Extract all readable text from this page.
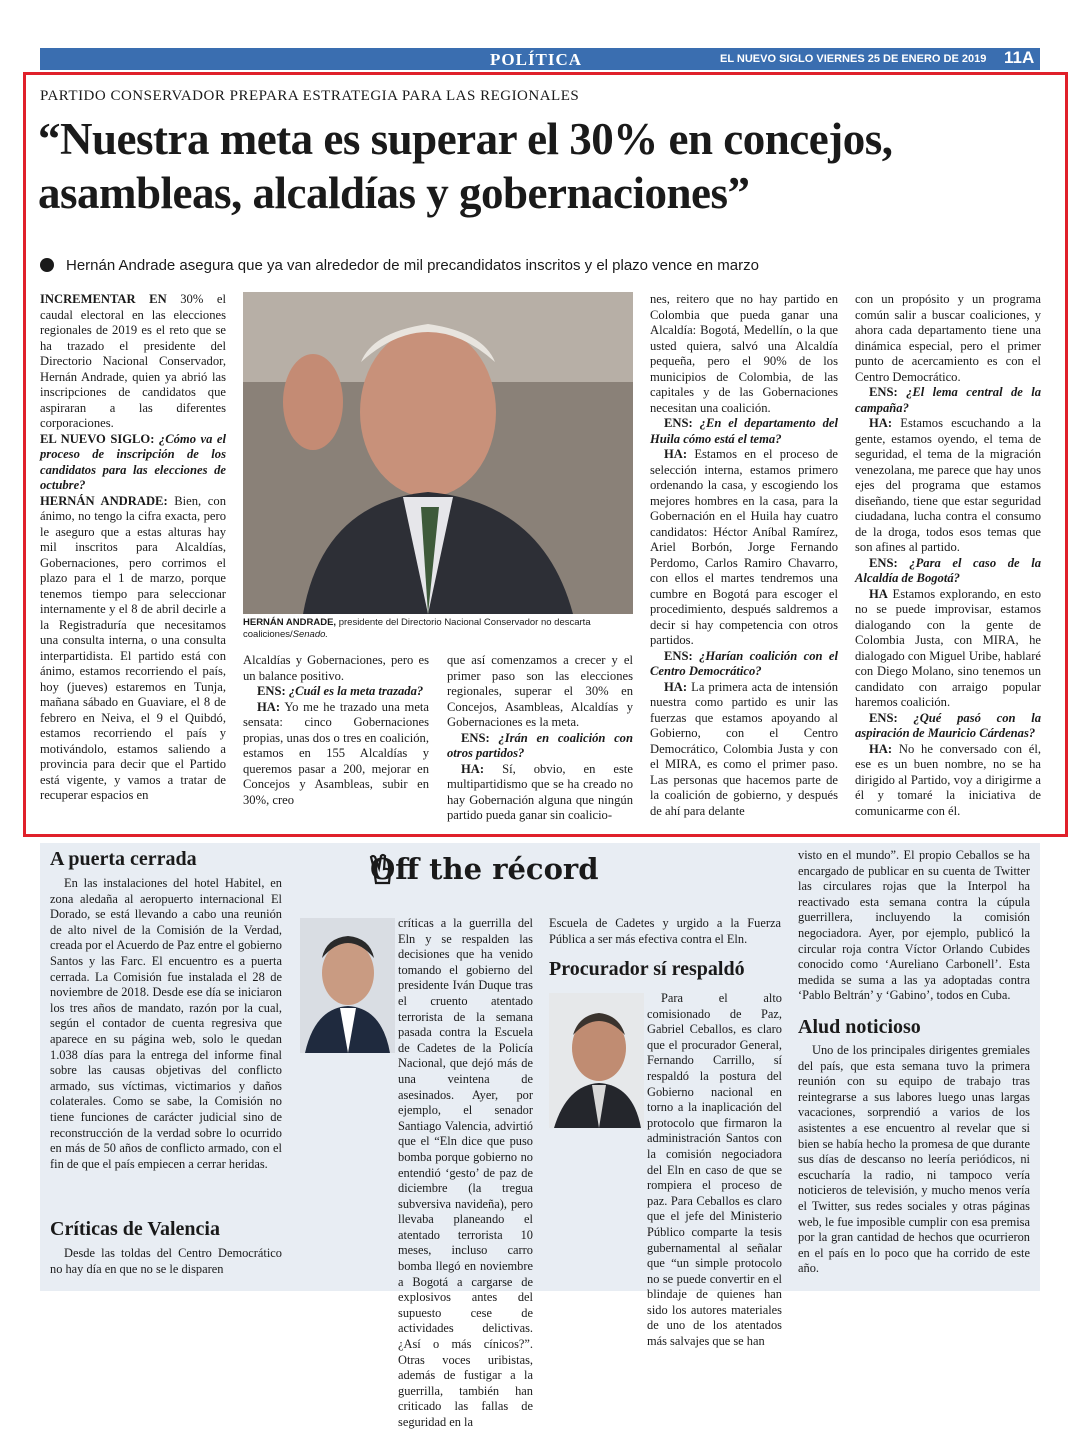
POLÍTICA	EL NUEVO SIGLO VIERNES 25 DE ENERO DE 2019 11A
PARTIDO CONSERVADOR PREPARA ESTRATEGIA PARA LAS REGIONALES
“Nuestra meta es superar el 30% en concejos, asambleas, alcaldías y gobernaciones”
Hernán Andrade asegura que ya van alrededor de mil precandidatos inscritos y el plazo vence en marzo

INCREMENTAR EN 30% el caudal electoral en las elecciones regionales de 2019 es el reto que se ha trazado el presidente del Directorio Nacional Conservador, Hernán Andrade, quien ya abrió las inscripciones de candidatos que aspiraran a las diferentes corporaciones.

EL NUEVO SIGLO: ¿Cómo va el proceso de inscripción de los candidatos para las elecciones de octubre?

HERNÁN ANDRADE: Bien, con ánimo, no tengo la cifra exacta, pero le aseguro que a estas alturas hay mil inscritos para Alcaldías, Gobernaciones, pero corrimos el plazo para el 1 de marzo, porque tenemos tiempo para seleccionar internamente y el 8 de abril decirle a la Registraduría que necesitamos una consulta interna, o una consulta interpartidista. El partido está con ánimo, estamos recorriendo el país, hoy (jueves) estaremos en Tunja, mañana sábado en Guaviare, el 8 de febrero en Neiva, el 9 el Quibdó, estamos recorriendo el país y motivándolo, estamos saliendo a provincia para decir que el Partido está vigente, y vamos a tratar de recuperar espacios en

HERNÁN ANDRADE, presidente del Directorio Nacional Conservador no descarta coaliciones/Senado.

Alcaldías y Gobernaciones, pero es un balance positivo.

ENS: ¿Cuál es la meta trazada?

HA: Yo me he trazado una meta sensata: cinco Gobernaciones propias, unas dos o tres en coalición, estamos en 155 Alcaldías y queremos pasar a 200, mejorar en Concejos y Asambleas, subir en 30%, creo

que así comenzamos a crecer y el primer paso son las elecciones regionales, superar el 30% en Concejos, Asambleas, Alcaldías y Gobernaciones es la meta.

ENS: ¿Irán en coalición con otros partidos?

HA: Sí, obvio, en este multipartidismo que se ha creado no hay Gobernación alguna que ningún partido pueda ganar sin coalicio-

nes, reitero que no hay partido en Colombia que pueda ganar una Alcaldía: Bogotá, Medellín, o la que usted quiera, salvó una Alcaldía pequeña, pero el 90% de los municipios de Colombia, de las capitales y de las Gobernaciones necesitan una coalición.

ENS: ¿En el departamento del Huila cómo está el tema?

HA: Estamos en el proceso de selección interna, estamos primero ordenando la casa, y escogiendo los mejores hombres en la casa, para la Gobernación en el Huila hay cuatro candidatos: Héctor Aníbal Ramírez, Ariel Borbón, Jorge Fernando Perdomo, Carlos Ramiro Chavarro, con ellos el martes tendremos una cumbre en Bogotá para escoger el procedimiento, después saldremos a decir si hay competencia con otros partidos.

ENS: ¿Harían coalición con el Centro Democrático?

HA: La primera acta de intensión nuestra como partido es unir las fuerzas que estamos apoyando al Gobierno, con el Centro Democrático, Colombia Justa y con el MIRA, es como el primer paso. Las personas que hacemos parte de la coalición de gobierno, y después de ahí para delante

con un propósito y un programa común salir a buscar coaliciones, y ahora cada departamento tiene una dinámica especial, pero el primer punto de acercamiento es con el Centro Democrático.

ENS: ¿El lema central de la campaña?

HA: Estamos escuchando a la gente, estamos oyendo, el tema de seguridad, el tema de la migración venezolana, me parece que hay unos ejes del programa que estamos diseñando, tiene que estar seguridad ciudadana, lucha contra el consumo de la droga, todos esos temas que son afines al partido.

ENS: ¿Para el caso de la Alcaldía de Bogotá?

HA Estamos explorando, en esto no se puede improvisar, estamos dialogando con la gente de Colombia Justa, con MIRA, he dialogado con Miguel Uribe, hablaré con Diego Molano, sino tenemos un candidato con arraigo popular haremos coalición.

ENS: ¿Qué pasó con la aspiración de Mauricio Cárdenas?

HA: No he conversado con él, ese es un buen nombre, no se ha dirigido al Partido, voy a dirigirme a él y tomaré la iniciativa de comunicarme con él.

A puerta cerrada

En las instalaciones del hotel Habitel, en zona aledaña al aeropuerto internacional El Dorado, se está llevando a cabo una reunión de alto nivel de la Comisión de la Verdad, creada por el Acuerdo de Paz entre el gobierno Santos y las Farc. El encuentro es a puerta cerrada. La Comisión fue instalada el 28 de noviembre de 2018. Desde ese día se iniciaron los tres años de mandato, razón por la cual, según el contador de cuenta regresiva que aparece en su página web, solo le quedan 1.038 días para la entrega del informe final sobre las causas objetivas del conflicto armado, sus víctimas, victimarios y daños colaterales. Como se sabe, la Comisión no tiene funciones de carácter judicial sino de reconstrucción de la verdad sobre lo ocurrido en más de 50 años de conflicto armado, con el fin de que el país empiecen a cerrar heridas.

Críticas de Valencia

Desde las toldas del Centro Democrático no hay día en que no se le disparen

Off the récord

críticas a la guerrilla del Eln y se respalden las decisiones que ha venido tomando el gobierno del presidente Iván Duque tras el cruento atentado terrorista de la semana pasada contra la Escuela de Cadetes de la Policía Nacional, que dejó más de una veintena de asesinados. Ayer, por ejemplo, el senador Santiago Valencia, advirtió que el “Eln dice que puso bomba porque gobierno no entendió ‘gesto’ de paz de diciembre (la tregua subversiva navideña), pero llevaba planeando el atentado terrorista 10 meses, incluso carro bomba llegó en noviembre a Bogotá a cargarse de explosivos antes del supuesto cese de actividades delictivas. ¿Así o más cínicos?”. Otras voces uribistas, además de fustigar a la guerrilla, también han criticado las fallas de seguridad en la

Escuela de Cadetes y urgido a la Fuerza Pública a ser más efectiva contra el Eln.

Procurador sí respaldó

Para el alto comisionado de Paz, Gabriel Ceballos, es claro que el procurador General, Fernando Carrillo, sí respaldó la postura del Gobierno nacional en torno a la inaplicación del protocolo que firmaron la administración Santos con la comisión negociadora del Eln en caso de que se rompiera el proceso de paz. Para Ceballos es claro que el jefe del Ministerio Público comparte la tesis gubernamental al señalar que “un simple protocolo no se puede convertir en el blindaje de quienes han sido los autores materiales de uno de los atentados más salvajes que se han

visto en el mundo”. El propio Ceballos se ha encargado de publicar en su cuenta de Twitter las circulares rojas que la Interpol ha reactivado esta semana contra la cúpula guerrillera, incluyendo la comisión negociadora. Ayer, por ejemplo, publicó la circular roja contra Víctor Orlando Cubides conocido como ‘Aureliano Carbonell’. Esta medida se suma a las ya adoptadas contra ‘Pablo Beltrán’ y ‘Gabino’, todos en Cuba.

Alud noticioso

Uno de los principales dirigentes gremiales del país, que esta semana tuvo la primera reunión con su equipo de trabajo tras reintegrarse a sus labores luego unas largas vacaciones, sorprendió a varios de los asistentes a ese encuentro al revelar que si bien se había hecho la promesa de que durante sus días de descanso no leería periódicos, ni escucharía la radio, ni tampoco vería noticieros de televisión, y mucho menos vería el Twitter, sus redes sociales y otras páginas web, le fue imposible cumplir con esa premisa por la gran cantidad de hechos que ocurrieron en el país en lo poco que ha corrido de este año.
